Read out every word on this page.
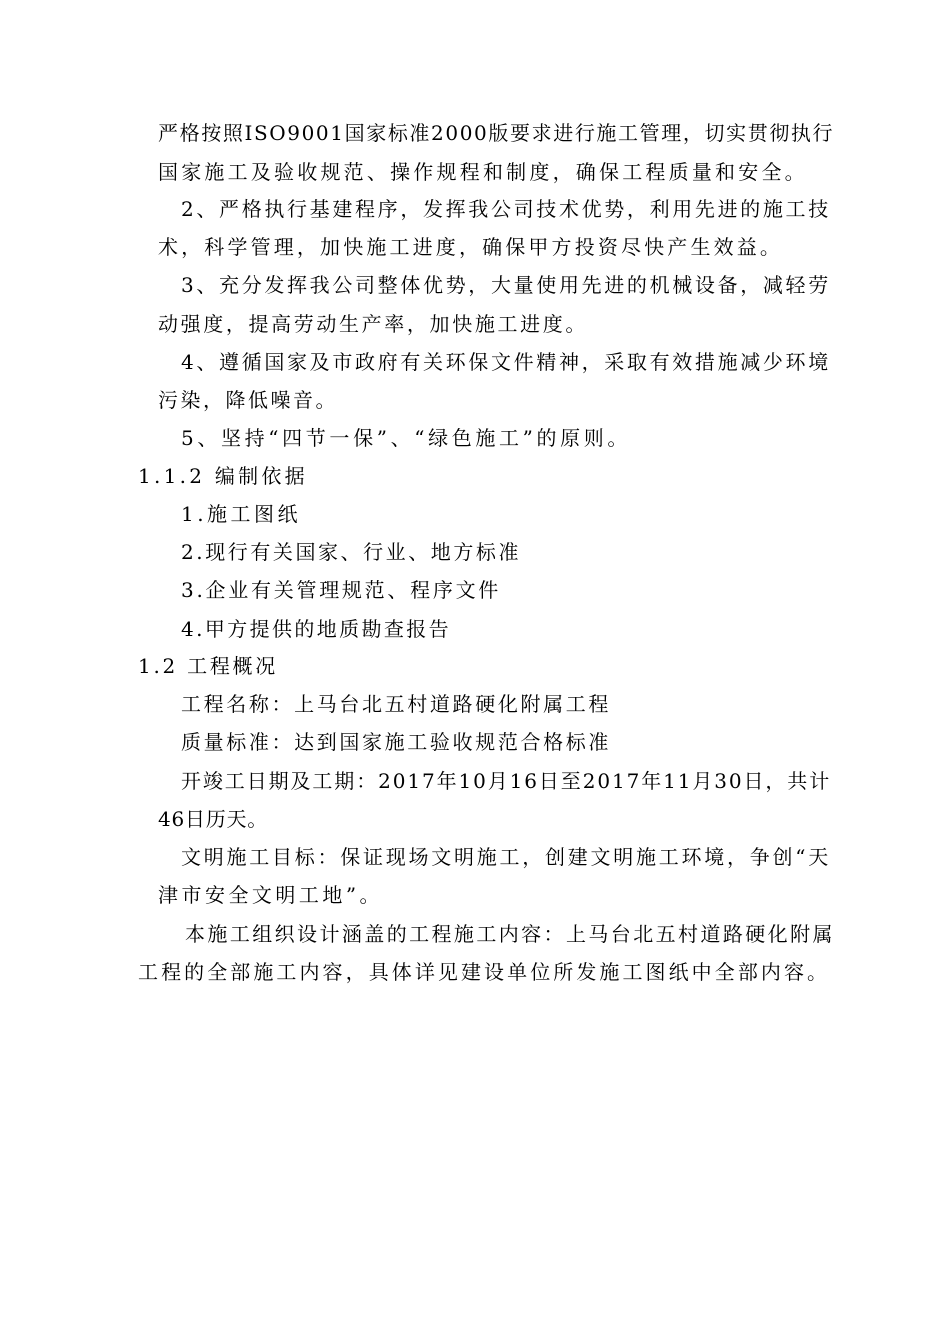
严格按照ISO9001国家标准2000版要求进行施工管理，切实贯彻执行
国家施工及验收规范、操作规程和制度，确保工程质量和安全。
2、严格执行基建程序，发挥我公司技术优势，利用先进的施工技
术，科学管理，加快施工进度，确保甲方投资尽快产生效益。
3、充分发挥我公司整体优势，大量使用先进的机械设备，减轻劳
动强度，提高劳动生产率，加快施工进度。
4、遵循国家及市政府有关环保文件精神，采取有效措施减少环境
污染，降低噪音。
5、坚持“四节一保”、“绿色施工”的原则。
1.1.2 编制依据
1.施工图纸
2.现行有关国家、行业、地方标准
3.企业有关管理规范、程序文件
4.甲方提供的地质勘查报告
1.2 工程概况
工程名称：上马台北五村道路硬化附属工程
质量标准：达到国家施工验收规范合格标准
开竣工日期及工期：2017年10月16日至2017年11月30日，共计
46日历天。
文明施工目标：保证现场文明施工，创建文明施工环境，争创“天
津市安全文明工地”。
本施工组织设计涵盖的工程施工内容：上马台北五村道路硬化附属
工程的全部施工内容，具体详见建设单位所发施工图纸中全部内容。
